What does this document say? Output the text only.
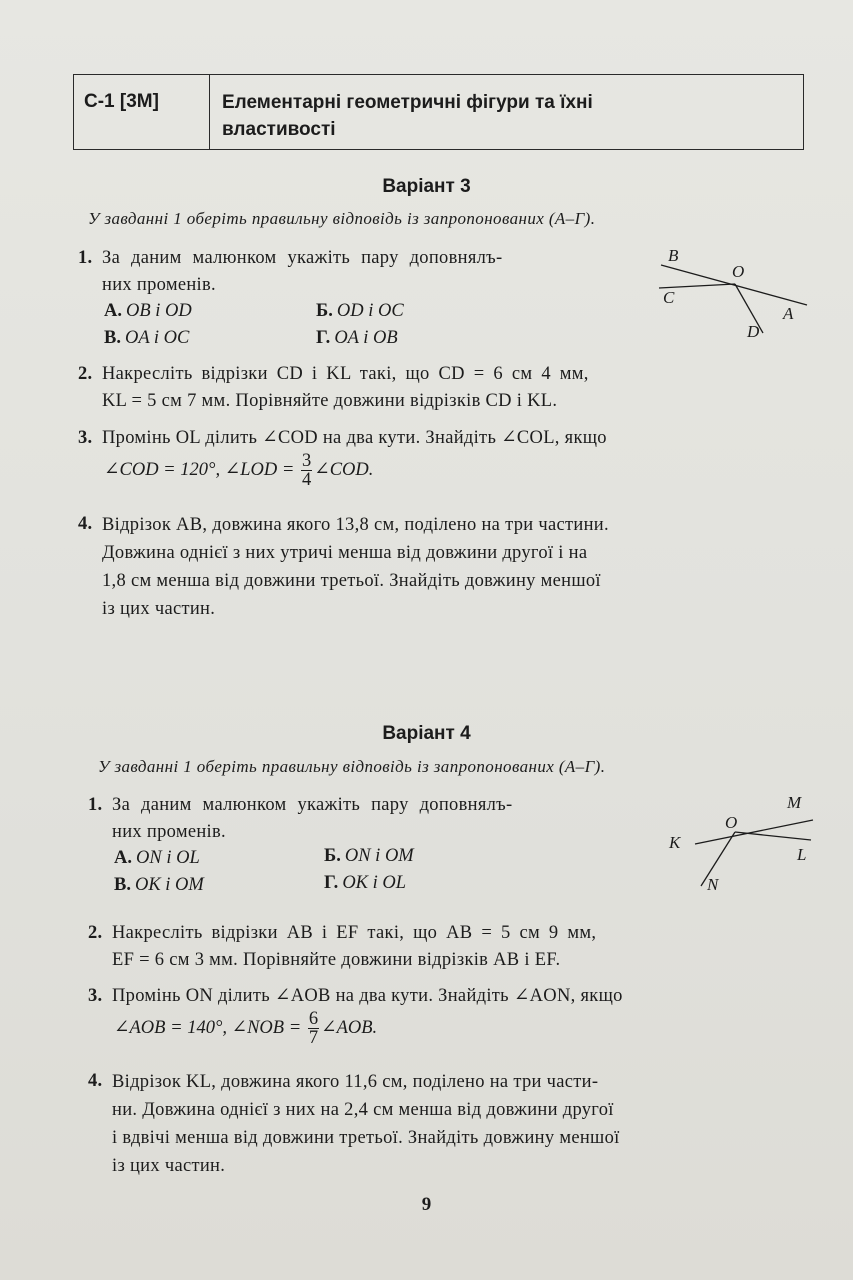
С-1 [3М]	Елементарні геометричні фігури та їхні
властивості
Варіант 3
У завданні 1 оберіть правильну відповідь із запропонованих (А–Г).
1. За даним малюнком укажіть пару доповнялъ-
них променів.
А. OB і OD	Б. OD і OC
В. OA і OC	Г. OA і OB
B
O
C
A
D
2. Накресліть відрізки CD і KL такі, що CD = 6 см 4 мм,
KL = 5 см 7 мм. Порівняйте довжини відрізків CD і KL.
3. Промінь OL ділить ∠COD на два кути. Знайдіть ∠COL, якщо
∠COD = 120°, ∠LOD = $\frac{3}{4}$ ∠COD.
4. Відрізок AB, довжина якого 13,8 см, поділено на три частини.
Довжина однієї з них утричі менша від довжини другої і на
1,8 см менша від довжини третьої. Знайдіть довжину меншої
із цих частин.
Варіант 4
У завданні 1 оберіть правильну відповідь із запропонованих (А–Г).
1. За даним малюнком укажіть пару доповнялъ-
них променів.
А. ON і OL	Б. ON і OM
В. OK і OM	Г. OK і OL
M
O
K
L
N
2. Накресліть відрізки AB і EF такі, що AB = 5 см 9 мм,
EF = 6 см 3 мм. Порівняйте довжини відрізків AB і EF.
3. Промінь ON ділить ∠AOB на два кути. Знайдіть ∠AON, якщо
∠AOB = 140°, ∠NOB = $\frac{6}{7}$ ∠AOB.
4. Відрізок KL, довжина якого 11,6 см, поділено на три части-
ни. Довжина однієї з них на 2,4 см менша від довжини другої
і вдвічі менша від довжини третьої. Знайдіть довжину меншої
із цих частин.
9
